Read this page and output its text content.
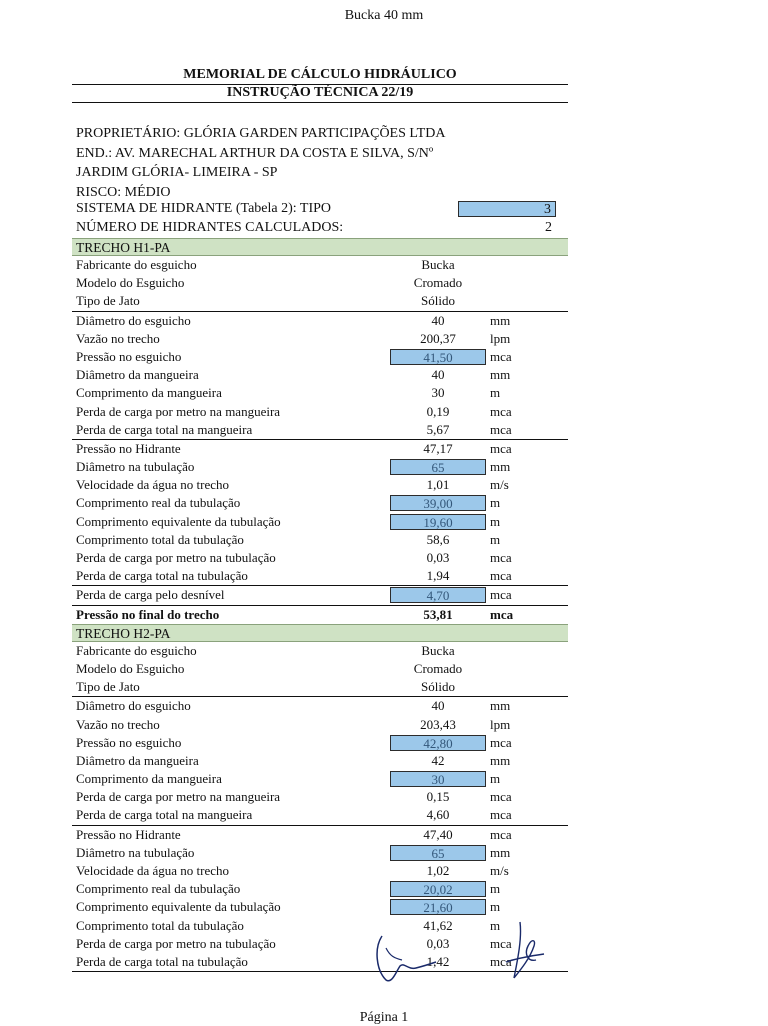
Bucka 40 mm
MEMORIAL DE CÁLCULO HIDRÁULICO
INSTRUÇÃO TÉCNICA 22/19
PROPRIETÁRIO: GLÓRIA GARDEN PARTICIPAÇÕES LTDA
END.: AV. MARECHAL ARTHUR DA COSTA E SILVA, S/Nº
JARDIM GLÓRIA- LIMEIRA - SP
RISCO: MÉDIO
SISTEMA DE HIDRANTE (Tabela 2): TIPO	3
NÚMERO DE HIDRANTES CALCULADOS:	2
TRECHO H1-PA
Fabricante do esguicho	Bucka
Modelo do Esguicho	Cromado
Tipo de Jato	Sólido
Diâmetro do esguicho	40	mm
Vazão no trecho	200,37	lpm
Pressão no esguicho	41,50	mca
Diâmetro da mangueira	40	mm
Comprimento da mangueira	30	m
Perda de carga por metro na mangueira	0,19	mca
Perda de carga total na mangueira	5,67	mca
Pressão no Hidrante	47,17	mca
Diâmetro na tubulação	65	mm
Velocidade da água no trecho	1,01	m/s
Comprimento real da tubulação	39,00	m
Comprimento equivalente da tubulação	19,60	m
Comprimento total da tubulação	58,6	m
Perda de carga por metro na tubulação	0,03	mca
Perda de carga total na tubulação	1,94	mca
Perda de carga pelo desnível	4,70	mca
Pressão no final do trecho	53,81	mca
TRECHO H2-PA
Fabricante do esguicho	Bucka
Modelo do Esguicho	Cromado
Tipo de Jato	Sólido
Diâmetro do esguicho	40	mm
Vazão no trecho	203,43	lpm
Pressão no esguicho	42,80	mca
Diâmetro da mangueira	42	mm
Comprimento da mangueira	30	m
Perda de carga por metro na mangueira	0,15	mca
Perda de carga total na mangueira	4,60	mca
Pressão no Hidrante	47,40	mca
Diâmetro na tubulação	65	mm
Velocidade da água no trecho	1,02	m/s
Comprimento real da tubulação	20,02	m
Comprimento equivalente da tubulação	21,60	m
Comprimento total da tubulação	41,62	m
Perda de carga por metro na tubulação	0,03	mca
Perda de carga total na tubulação	1,42	mca
Página 1
